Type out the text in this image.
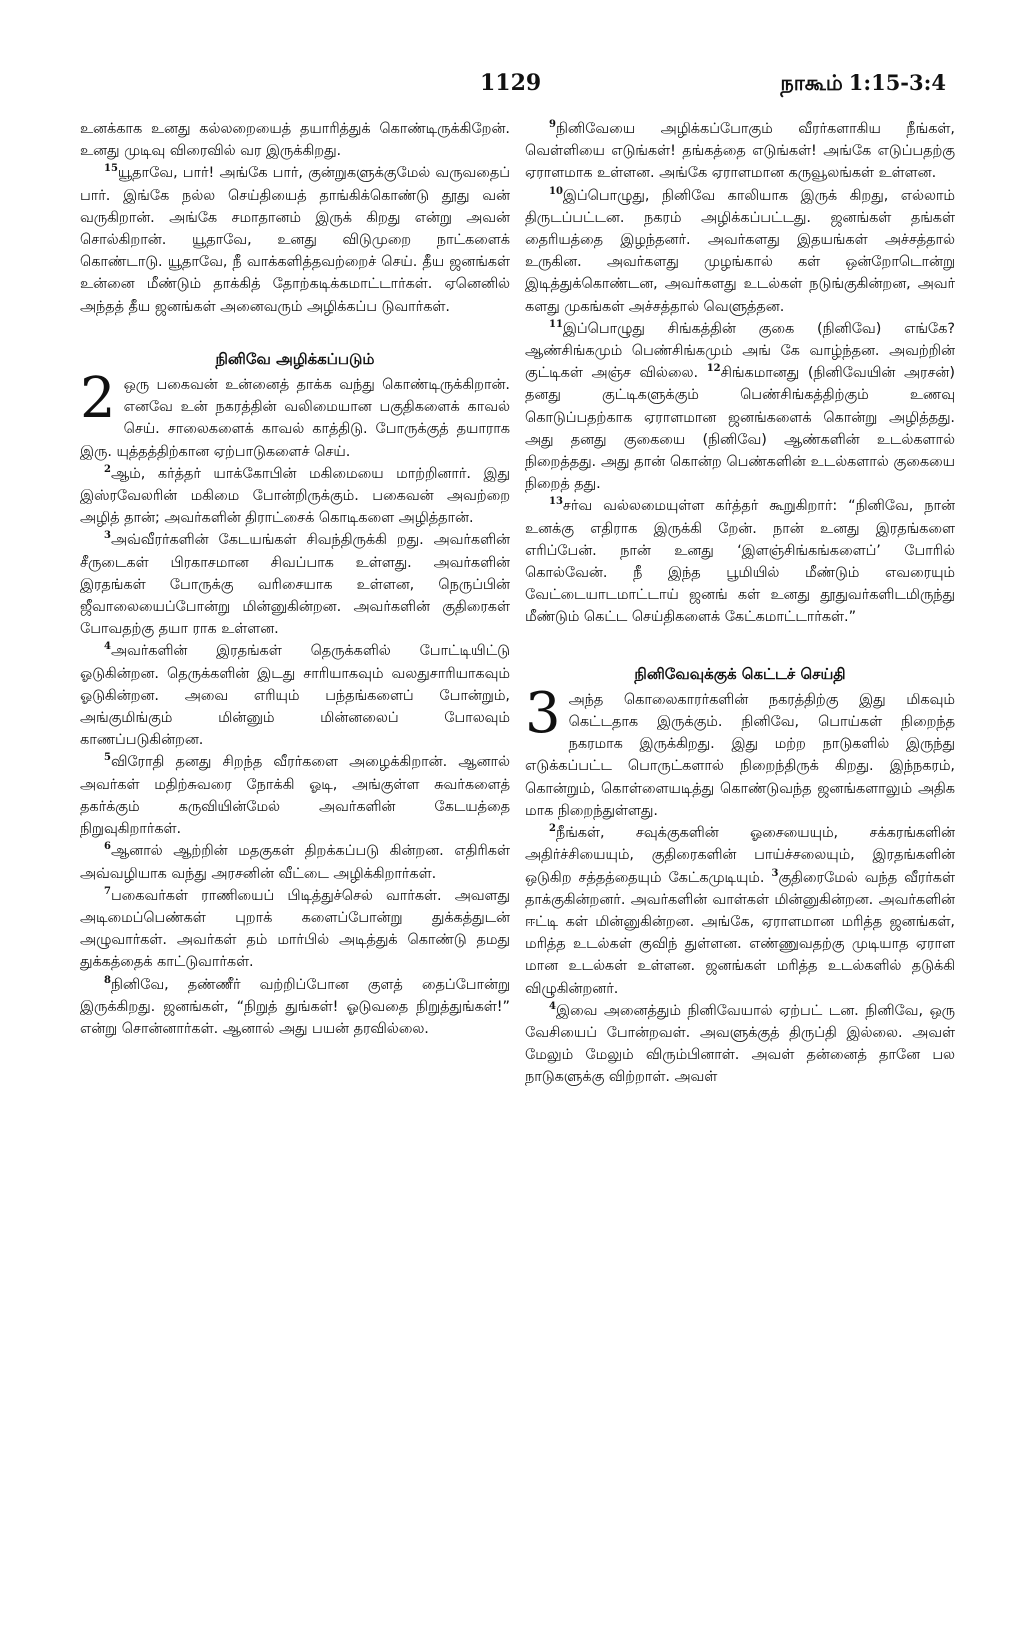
1129	நாகூம் 1:15-3:4

உனக்காக உனது கல்லறையைத் தயாரித்துக் கொண்டிருக்கிறேன். உனது முடிவு விரைவில் வர இருக்கிறது.

$^{15}$யூதாவே, பார்! அங்கே பார், குன்றுகளுக்குமேல் வருவதைப் பார். இங்கே நல்ல செய்தியைத் தாங்கிக்கொண்டு தூது வன் வருகிறான். அங்கே சமாதானம் இருக் கிறது என்று அவன் சொல்கிறான். யூதாவே, உனது விடுமுறை நாட்களைக் கொண்டாடு. யூதாவே, நீ வாக்களித்தவற்றைச் செய். தீய ஜனங்கள் உன்னை மீண்டும் தாக்கித் தோற்கடிக்கமாட்டார்கள். ஏனெனில் அந்தத் தீய ஜனங்கள் அனைவரும் அழிக்கப்ப டுவார்கள்.

நினிவே அழிக்கப்படும்

2 ஒரு பகைவன் உன்னைத் தாக்க வந்து கொண்டிருக்கிறான். எனவே உன் நகரத்தின் வலிமையான பகுதிகளைக் காவல் செய். சாலைகளைக் காவல் காத்திடு. போருக்குத் தயாராக இரு. யுத்தத்திற்கான ஏற்பாடுகளைச் செய்.

$^2$ஆம், கர்த்தர் யாக்கோபின் மகிமையை மாற்றினார். இது இஸ்ரவேலரின் மகிமை போன்றிருக்கும். பகைவன் அவற்றை அழித் தான்; அவர்களின் திராட்சைக் கொடிகளை அழித்தான்.

$^3$அவ்வீரர்களின் கேடயங்கள் சிவந்திருக்கி றது. அவர்களின் சீருடைகள் பிரகாசமான சிவப்பாக உள்ளது. அவர்களின் இரதங்கள் போருக்கு வரிசையாக உள்ளன, நெருப்பின் ஜீவாலையைப்போன்று மின்னுகின்றன. அவர்களின் குதிரைகள் போவதற்கு தயா ராக உள்ளன.

$^4$அவர்களின் இரதங்கள் தெருக்களில் போட்டியிட்டு ஓடுகின்றன. தெருக்களின் இடது சாரியாகவும் வலதுசாரியாகவும் ஓடுகின்றன. அவை எரியும் பந்தங்களைப் போன்றும், அங்குமிங்கும் மின்னும் மின்னலைப் போலவும் காணப்படுகின்றன.

$^5$விரோதி தனது சிறந்த வீரர்களை அழைக்கிறான். ஆனால் அவர்கள் மதிற்சுவரை நோக்கி ஓடி, அங்குள்ள சுவர்களைத் தகர்க்கும் கருவியின்மேல் அவர்களின் கேடயத்தை நிறுவுகிறார்கள்.

$^6$ஆனால் ஆற்றின் மதகுகள் திறக்கப்படு கின்றன. எதிரிகள் அவ்வழியாக வந்து அரசனின் வீட்டை அழிக்கிறார்கள்.

$^7$பகைவர்கள் ராணியைப் பிடித்துச்செல் வார்கள். அவளது அடிமைப்பெண்கள் புறாக் களைப்போன்று துக்கத்துடன் அழுவார்கள். அவர்கள் தம் மார்பில் அடித்துக் கொண்டு தமது துக்கத்தைக் காட்டுவார்கள்.

$^8$நினிவே, தண்ணீர் வற்றிப்போன குளத் தைப்போன்று இருக்கிறது. ஜனங்கள், “நிறுத் துங்கள்! ஓடுவதை நிறுத்துங்கள்!” என்று சொன்னார்கள். ஆனால் அது பயன் தரவில்லை.

$^9$நினிவேயை அழிக்கப்போகும் வீரர்களாகிய நீங்கள், வெள்ளியை எடுங்கள்! தங்கத்தை எடுங்கள்! அங்கே எடுப்பதற்கு ஏராளமாக உள்ளன. அங்கே ஏராளமான கருவூலங்கள் உள்ளன.

$^{10}$இப்பொழுது, நினிவே காலியாக இருக் கிறது, எல்லாம் திருடப்பட்டன. நகரம் அழிக்கப்பட்டது. ஜனங்கள் தங்கள் தைரியத்தை இழந்தனர். அவர்களது இதயங்கள் அச்சத்தால் உருகின. அவர்களது முழங்கால் கள் ஒன்றோடொன்று இடித்துக்கொண்டன, அவர்களது உடல்கள் நடுங்குகின்றன, அவர் களது முகங்கள் அச்சத்தால் வெளுத்தன.

$^{11}$இப்பொழுது சிங்கத்தின் குகை (நினிவே) எங்கே? ஆண்சிங்கமும் பெண்சிங்கமும் அங் கே வாழ்ந்தன. அவற்றின் குட்டிகள் அஞ்ச வில்லை. $^{12}$சிங்கமானது (நினிவேயின் அரசன்) தனது குட்டிகளுக்கும் பெண்சிங்கத்திற்கும் உணவு கொடுப்பதற்காக ஏராளமான ஜனங்களைக் கொன்று அழித்தது. அது தனது குகையை (நினிவே) ஆண்களின் உடல்களால் நிறைத்தது. அது தான் கொன்ற பெண்களின் உடல்களால் குகையை நிறைத் தது.

$^{13}$சர்வ வல்லமையுள்ள கர்த்தர் கூறுகிறார்: “நினிவே, நான் உனக்கு எதிராக இருக்கி றேன். நான் உனது இரதங்களை எரிப்பேன். நான் உனது ‘இளஞ்சிங்கங்களைப்’ போரில் கொல்வேன். நீ இந்த பூமியில் மீண்டும் எவரையும் வேட்டையாடமாட்டாய் ஜனங் கள் உனது தூதுவர்களிடமிருந்து மீண்டும் கெட்ட செய்திகளைக் கேட்கமாட்டார்கள்.”

நினிவேவுக்குக் கெட்டச் செய்தி

3 அந்த கொலைகாரர்களின் நகரத்திற்கு இது மிகவும் கெட்டதாக இருக்கும். நினிவே, பொய்கள் நிறைந்த நகரமாக இருக்கிறது. இது மற்ற நாடுகளில் இருந்து எடுக்கப்பட்ட பொருட்களால் நிறைந்திருக் கிறது. இந்நகரம், கொன்றும், கொள்ளையடித்து கொண்டுவந்த ஜனங்களாலும் அதிக மாக நிறைந்துள்ளது.

$^2$நீங்கள், சவுக்குகளின் ஓசையையும், சக்கரங்களின் அதிர்ச்சியையும், குதிரைகளின் பாய்ச்சலையும், இரதங்களின் ஒடுகிற சத்தத்தையும் கேட்கமுடியும். $^3$குதிரைமேல் வந்த வீரர்கள் தாக்குகின்றனர். அவர்களின் வாள்கள் மின்னுகின்றன. அவர்களின் ஈட்டி கள் மின்னுகின்றன. அங்கே, ஏராளமான மரித்த ஜனங்கள், மரித்த உடல்கள் குவிந் துள்ளன. எண்ணுவதற்கு முடியாத ஏராள மான உடல்கள் உள்ளன. ஜனங்கள் மரித்த உடல்களில் தடுக்கி விழுகின்றனர்.

$^4$இவை அனைத்தும் நினிவேயால் ஏற்பட் டன. நினிவே, ஒரு வேசியைப் போன்றவள். அவளுக்குத் திருப்தி இல்லை. அவள் மேலும் மேலும் விரும்பினாள். அவள் தன்னைத் தானே பல நாடுகளுக்கு விற்றாள். அவள்
